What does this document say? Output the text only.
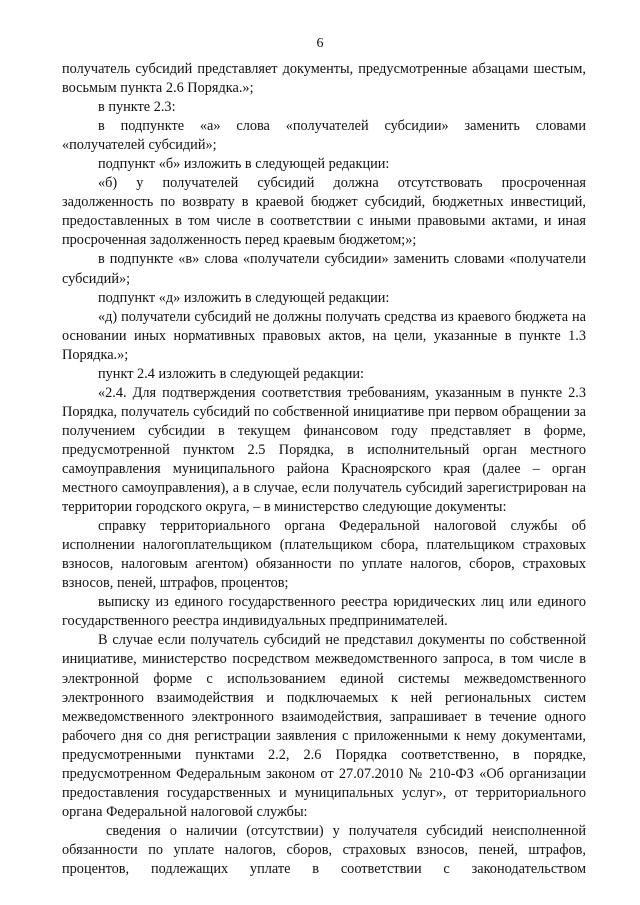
6

получатель субсидий представляет документы, предусмотренные абзацами шестым, восьмым пункта 2.6 Порядка.»;

в пункте 2.3:

в подпункте «а» слова «получателей субсидии» заменить словами «получателей субсидий»;

подпункт «б» изложить в следующей редакции:

«б) у получателей субсидий должна отсутствовать просроченная задолженность по возврату в краевой бюджет субсидий, бюджетных инвестиций, предоставленных в том числе в соответствии с иными правовыми актами, и иная просроченная задолженность перед краевым бюджетом;»;

в подпункте «в» слова «получатели субсидии» заменить словами «получатели субсидий»;

подпункт «д» изложить в следующей редакции:

«д) получатели субсидий не должны получать средства из краевого бюджета на основании иных нормативных правовых актов, на цели, указанные в пункте 1.3 Порядка.»;

пункт 2.4 изложить в следующей редакции:

«2.4. Для подтверждения соответствия требованиям, указанным в пункте 2.3 Порядка, получатель субсидий по собственной инициативе при первом обращении за получением субсидии в текущем финансовом году представляет в форме, предусмотренной пунктом 2.5 Порядка, в исполнительный орган местного самоуправления муниципального района Красноярского края (далее – орган местного самоуправления), а в случае, если получатель субсидий зарегистрирован на территории городского округа, – в министерство следующие документы:

справку территориального органа Федеральной налоговой службы об исполнении налогоплательщиком (плательщиком сбора, плательщиком страховых взносов, налоговым агентом) обязанности по уплате налогов, сборов, страховых взносов, пеней, штрафов, процентов;

выписку из единого государственного реестра юридических лиц или единого государственного реестра индивидуальных предпринимателей.

В случае если получатель субсидий не представил документы по собственной инициативе, министерство посредством межведомственного запроса, в том числе в электронной форме с использованием единой системы межведомственного электронного взаимодействия и подключаемых к ней региональных систем межведомственного электронного взаимодействия, запрашивает в течение одного рабочего дня со дня регистрации заявления с приложенными к нему документами, предусмотренными пунктами 2.2, 2.6 Порядка соответственно, в порядке, предусмотренном Федеральным законом от 27.07.2010 № 210-ФЗ «Об организации предоставления государственных и муниципальных услуг», от территориального органа Федеральной налоговой службы:

сведения о наличии (отсутствии) у получателя субсидий неисполненной обязанности по уплате налогов, сборов, страховых взносов, пеней, штрафов, процентов, подлежащих уплате в соответствии с законодательством
